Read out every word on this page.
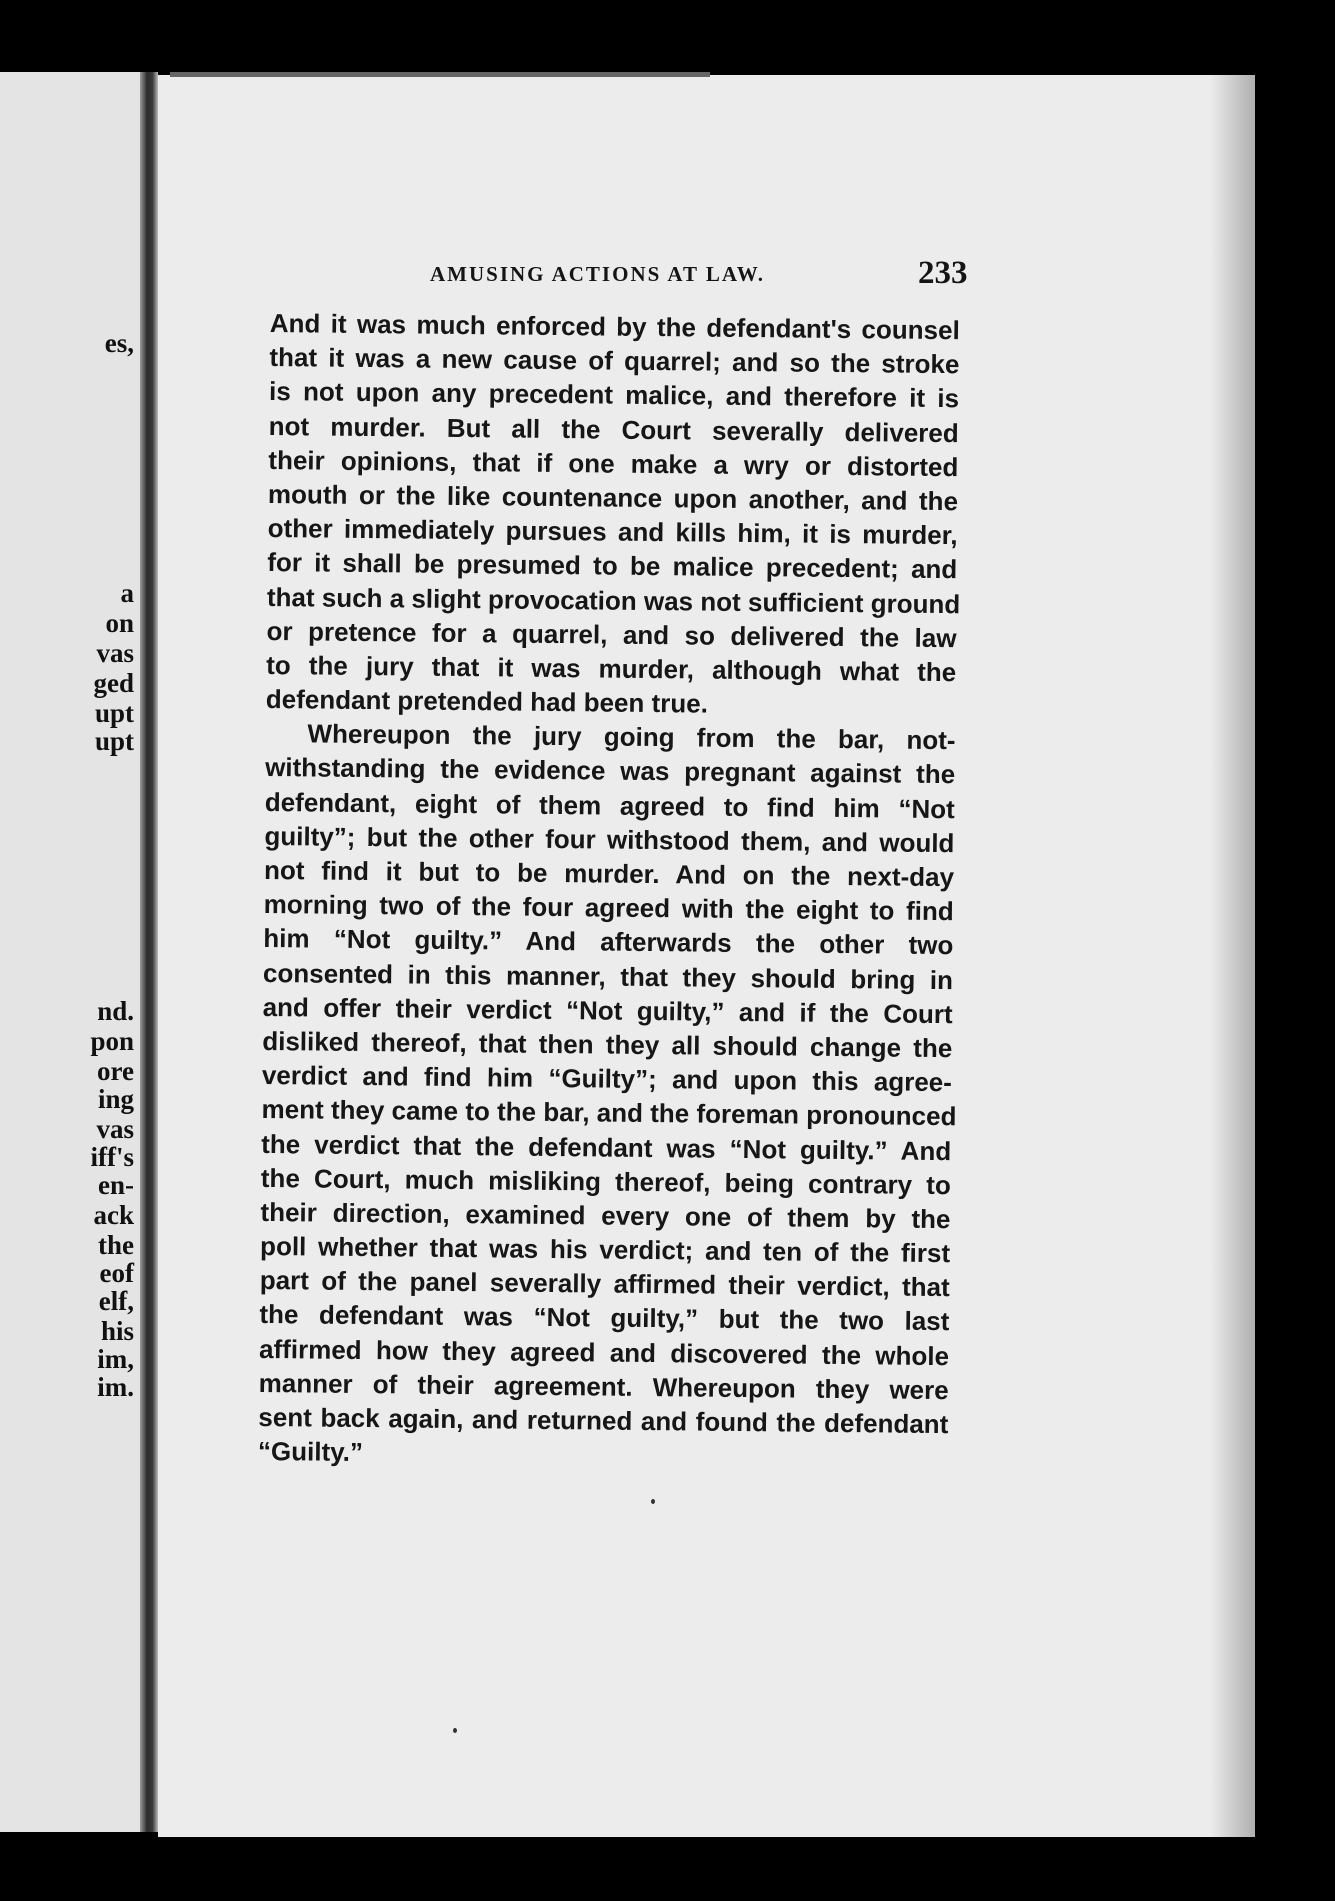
es,
a
on
vas
ged
upt
upt
nd.
pon
ore
ing
vas
iff's
en-
ack
the
eof
elf,
his
im,
im.
AMUSING ACTIONS AT LAW.	233
And it was much enforced by the defendant's counsel
that it was a new cause of quarrel; and so the stroke
is not upon any precedent malice, and therefore it is
not murder. But all the Court severally delivered
their opinions, that if one make a wry or distorted
mouth or the like countenance upon another, and the
other immediately pursues and kills him, it is murder,
for it shall be presumed to be malice precedent; and
that such a slight provocation was not sufficient ground
or pretence for a quarrel, and so delivered the law
to the jury that it was murder, although what the
defendant pretended had been true.
Whereupon the jury going from the bar, not-
withstanding the evidence was pregnant against the
defendant, eight of them agreed to find him “Not
guilty”; but the other four withstood them, and would
not find it but to be murder. And on the next-day
morning two of the four agreed with the eight to find
him “Not guilty.” And afterwards the other two
consented in this manner, that they should bring in
and offer their verdict “Not guilty,” and if the Court
disliked thereof, that then they all should change the
verdict and find him “Guilty”; and upon this agree-
ment they came to the bar, and the foreman pronounced
the verdict that the defendant was “Not guilty.” And
the Court, much misliking thereof, being contrary to
their direction, examined every one of them by the
poll whether that was his verdict; and ten of the first
part of the panel severally affirmed their verdict, that
the defendant was “Not guilty,” but the two last
affirmed how they agreed and discovered the whole
manner of their agreement. Whereupon they were
sent back again, and returned and found the defendant
“Guilty.”
